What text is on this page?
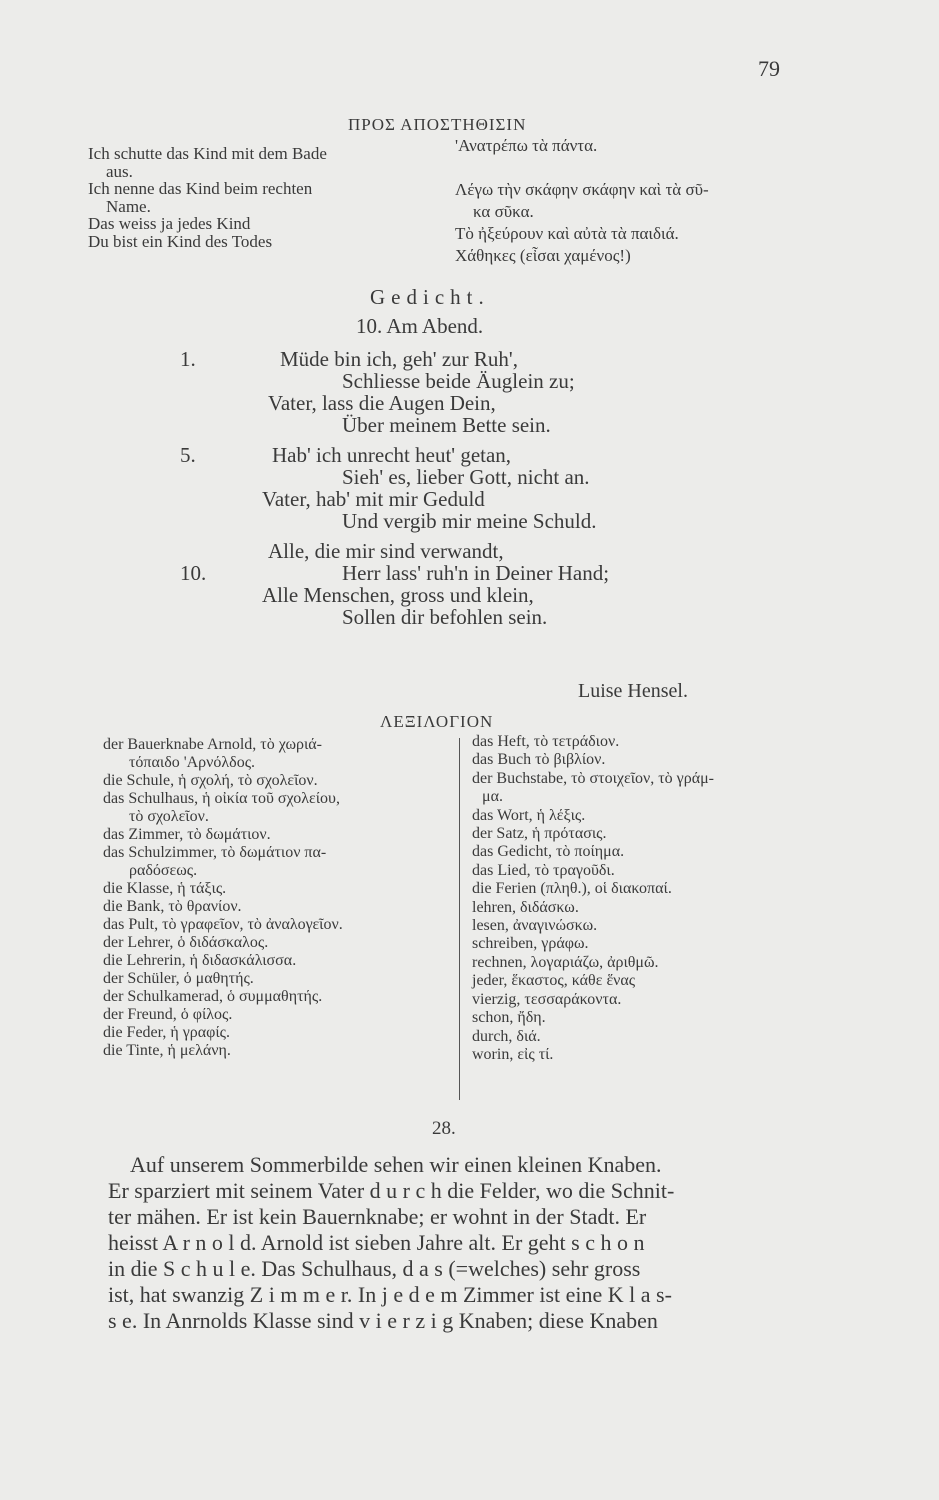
79
ΠΡΟΣ ΑΠΟΣΤΗΘΙΣΙΝ
Ich schutte das Kind mit dem Bade
aus.
Ich nenne das Kind beim rechten
Name.
Das weiss ja jedes Kind
Du bist ein Kind des Todes
'Ανατρέπω τὰ πάντα.

Λέγω τὴν σκάφην σκάφην καὶ τὰ σῦ-
κα σῦκα.
Τὸ ἠξεύρουν καὶ αὐτὰ τὰ παιδιά.
Χάθηκες (εἶσαι χαμένος!)
Gedicht.
10. Am Abend.
1.	Müde bin ich, geh' zur Ruh',
Schliesse beide Äuglein zu;
Vater, lass die Augen Dein,
Über meinem Bette sein.
5.	Hab' ich unrecht heut' getan,
Sieh' es, lieber Gott, nicht an.
Vater, hab' mit mir Geduld
Und vergib mir meine Schuld.
Alle, die mir sind verwandt,
10.	Herr lass' ruh'n in Deiner Hand;
Alle Menschen, gross und klein,
Sollen dir befohlen sein.
Luise Hensel.
ΛΕΞΙΛΟΓΙΟΝ
der Bauerknabe Arnold, τὸ χωριά-
τόπαιδο 'Αρνόλδος.
die Schule, ἡ σχολή, τὸ σχολεῖον.
das Schulhaus, ἡ οἰκία τοῦ σχολείου,
τὸ σχολεῖον.
das Zimmer, τὸ δωμάτιον.
das Schulzimmer, τὸ δωμάτιον πα-
ραδόσεως.
die Klasse, ἡ τάξις.
die Bank, τὸ θρανίον.
das Pult, τὸ γραφεῖον, τὸ ἀναλογεῖον.
der Lehrer, ὁ διδάσκαλος.
die Lehrerin, ἡ διδασκάλισσα.
der Schüler, ὁ μαθητής.
der Schulkamerad, ὁ συμμαθητής.
der Freund, ὁ φίλος.
die Feder, ἡ γραφίς.
die Tinte, ἡ μελάνη.
das Heft, τὸ τετράδιον.
das Buch τὸ βιβλίον.
der Buchstabe, τὸ στοιχεῖον, τὸ γράμ-
μα.
das Wort, ἡ λέξις.
der Satz, ἡ πρότασις.
das Gedicht, τὸ ποίημα.
das Lied, τὸ τραγοῦδι.
die Ferien (πληθ.), οἱ διακοπαί.
lehren, διδάσκω.
lesen, ἀναγινώσκω.
schreiben, γράφω.
rechnen, λογαριάζω, ἀριθμῶ.
jeder, ἕκαστος, κάθε ἕνας
vierzig, τεσσαράκοντα.
schon, ἤδη.
durch, διά.
worin, εἰς τί.
28.
Auf unserem Sommerbilde sehen wir einen kleinen Knaben.
Er sparziert mit seinem Vater d u r c h die Felder, wo die Schnit-
ter mähen. Er ist kein Bauernknabe; er wohnt in der Stadt. Er
heisst A r n o l d. Arnold ist sieben Jahre alt. Er geht s c h o n
in die S c h u l e. Das Schulhaus, d a s (=welches) sehr gross
ist, hat swanzig Z i m m e r. In j e d e m Zimmer ist eine K l a s-
s e. In Anrnolds Klasse sind v i e r z i g Knaben; diese Knaben
